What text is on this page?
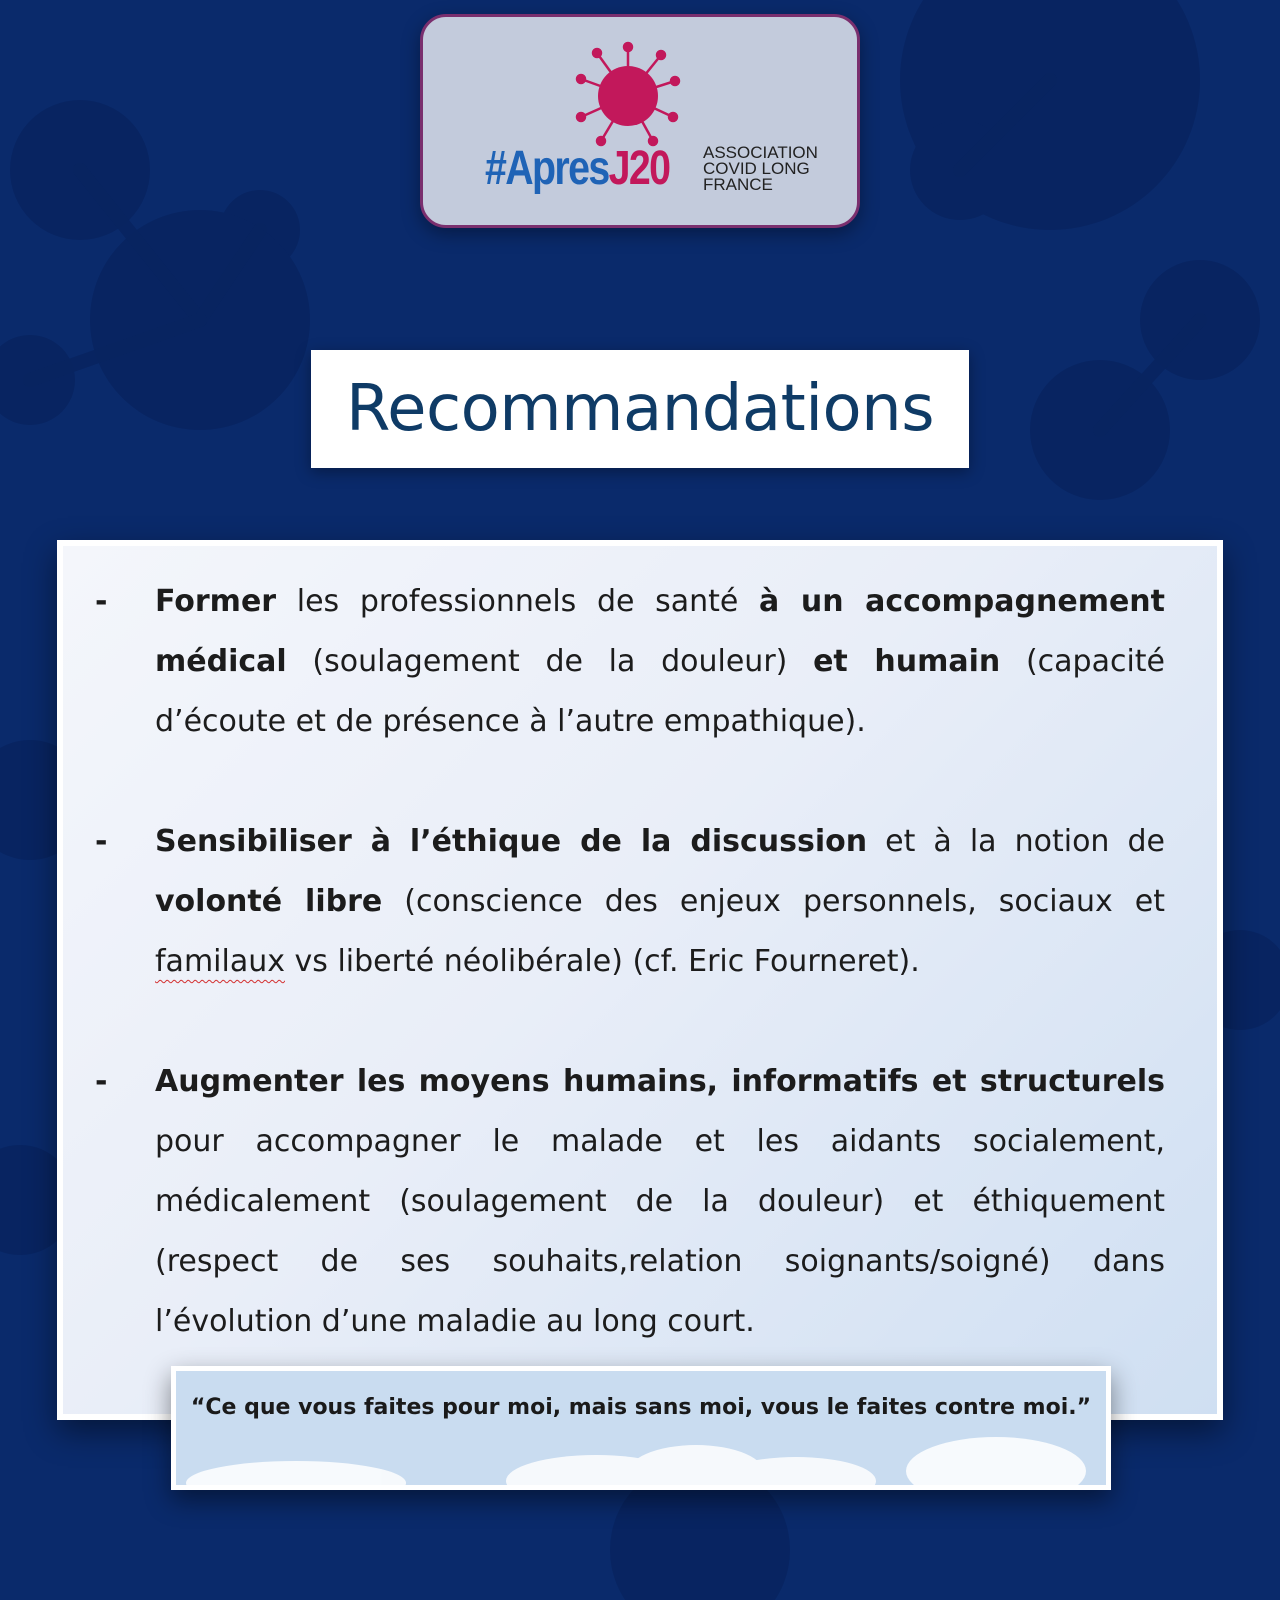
#ApresJ20 ASSOCIATION
COVID LONG
FRANCE
Recommandations
- Former les professionnels de santé à un accompagnement médical (soulagement de la douleur) et humain (capacité d’écoute et de présence à l’autre empathique).
- Sensibiliser à l’éthique de la discussion et à la notion de volonté libre (conscience des enjeux personnels, sociaux et familaux vs liberté néolibérale) (cf. Eric Fourneret).
- Augmenter les moyens humains, informatifs et structurels pour accompagner le malade et les aidants socialement, médicalement (soulagement de la douleur) et éthiquement (respect de ses souhaits,relation soignants/soigné) dans l’évolution d’une maladie au long court.

“Ce que vous faites pour moi, mais sans moi, vous le faites contre moi.”
